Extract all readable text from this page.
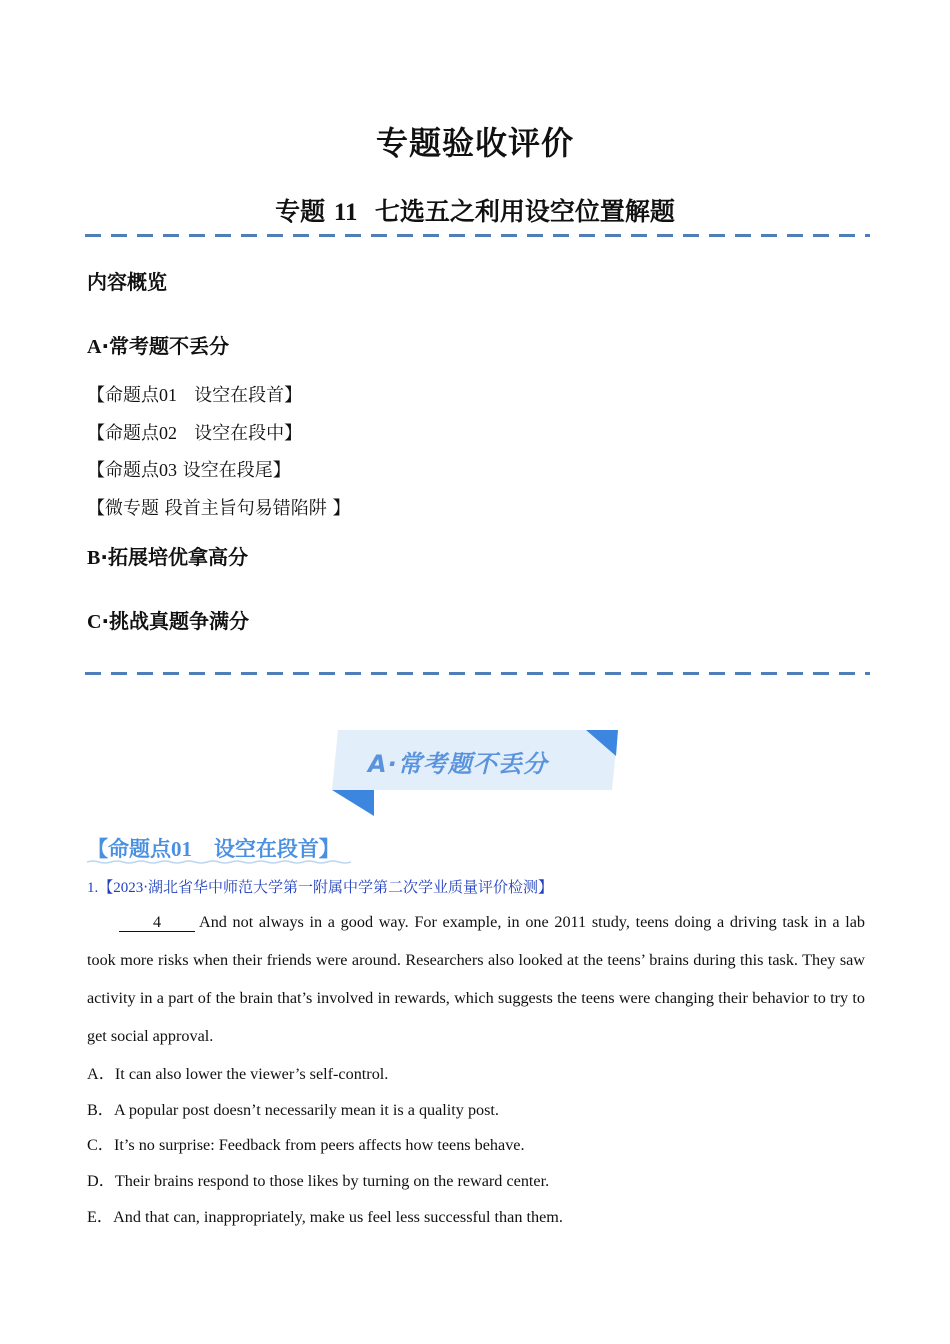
专题验收评价
专题 11 七选五之利用设空位置解题
内容概览
A·常考题不丢分
【命题点01 设空在段首】
【命题点02 设空在段中】
【命题点03 设空在段尾】
【微专题 段首主旨句易错陷阱 】
B·拓展培优拿高分
C·挑战真题争满分
A·常考题不丢分
【命题点01 设空在段首】
1.【2023·湖北省华中师范大学第一附属中学第二次学业质量评价检测】
4 And not always in a good way. For example, in one 2011 study, teens doing a driving task in a lab took more risks when their friends were around. Researchers also looked at the teens’ brains during this task. They saw activity in a part of the brain that’s involved in rewards, which suggests the teens were changing their behavior to try to get social approval.
A．It can also lower the viewer’s self-control.
B．A popular post doesn’t necessarily mean it is a quality post.
C．It’s no surprise: Feedback from peers affects how teens behave.
D．Their brains respond to those likes by turning on the reward center.
E．And that can, inappropriately, make us feel less successful than them.
